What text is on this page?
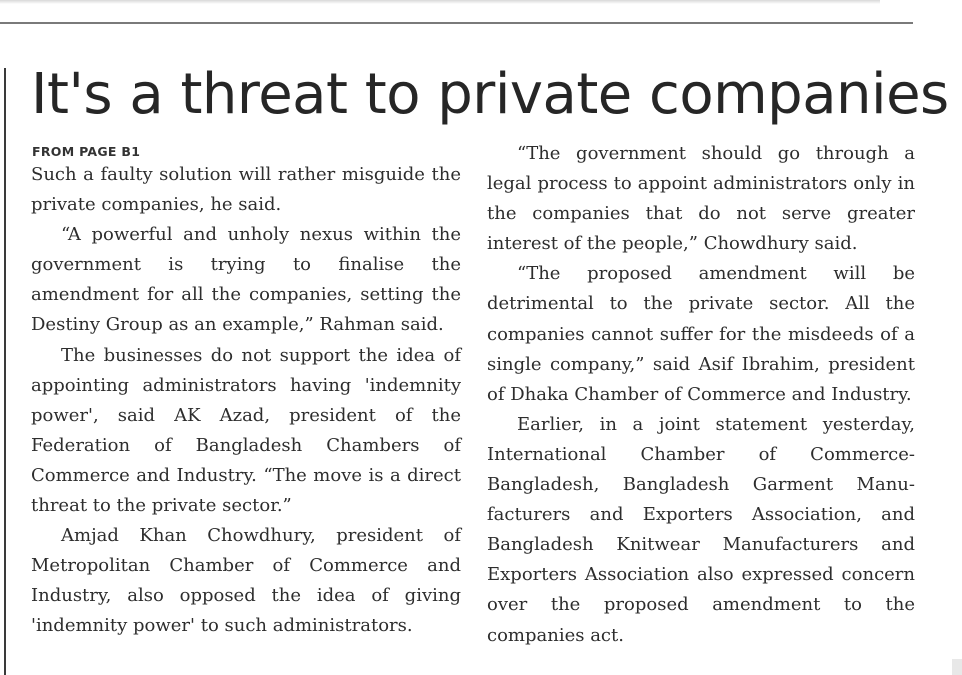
It's a threat to private companies
FROM PAGE B1

Such a faulty solution will rather misguide the private companies, he said.

“A powerful and unholy nexus within the government is trying to finalise the amendment for all the companies, setting the Destiny Group as an example,” Rahman said.

The businesses do not support the idea of appointing administrators having 'indemnity power', said AK Azad, president of the Federation of Bangladesh Chambers of Commerce and Industry. “The move is a direct threat to the private sector.”

Amjad Khan Chowdhury, president of Metropolitan Chamber of Commerce and Industry, also opposed the idea of giving 'indemnity power' to such administrators.

“The government should go through a legal process to appoint administrators only in the companies that do not serve greater interest of the people,” Chowdhury said.

“The proposed amendment will be detrimental to the private sector. All the companies cannot suffer for the misdeeds of a single company,” said Asif Ibrahim, president of Dhaka Chamber of Commerce and Industry.

Earlier, in a joint statement yesterday, International Chamber of Commerce-Bangladesh, Bangladesh Garment Manufacturers and Exporters Association, and Bangladesh Knitwear Manufacturers and Exporters Association also expressed concern over the proposed amendment to the companies act.
